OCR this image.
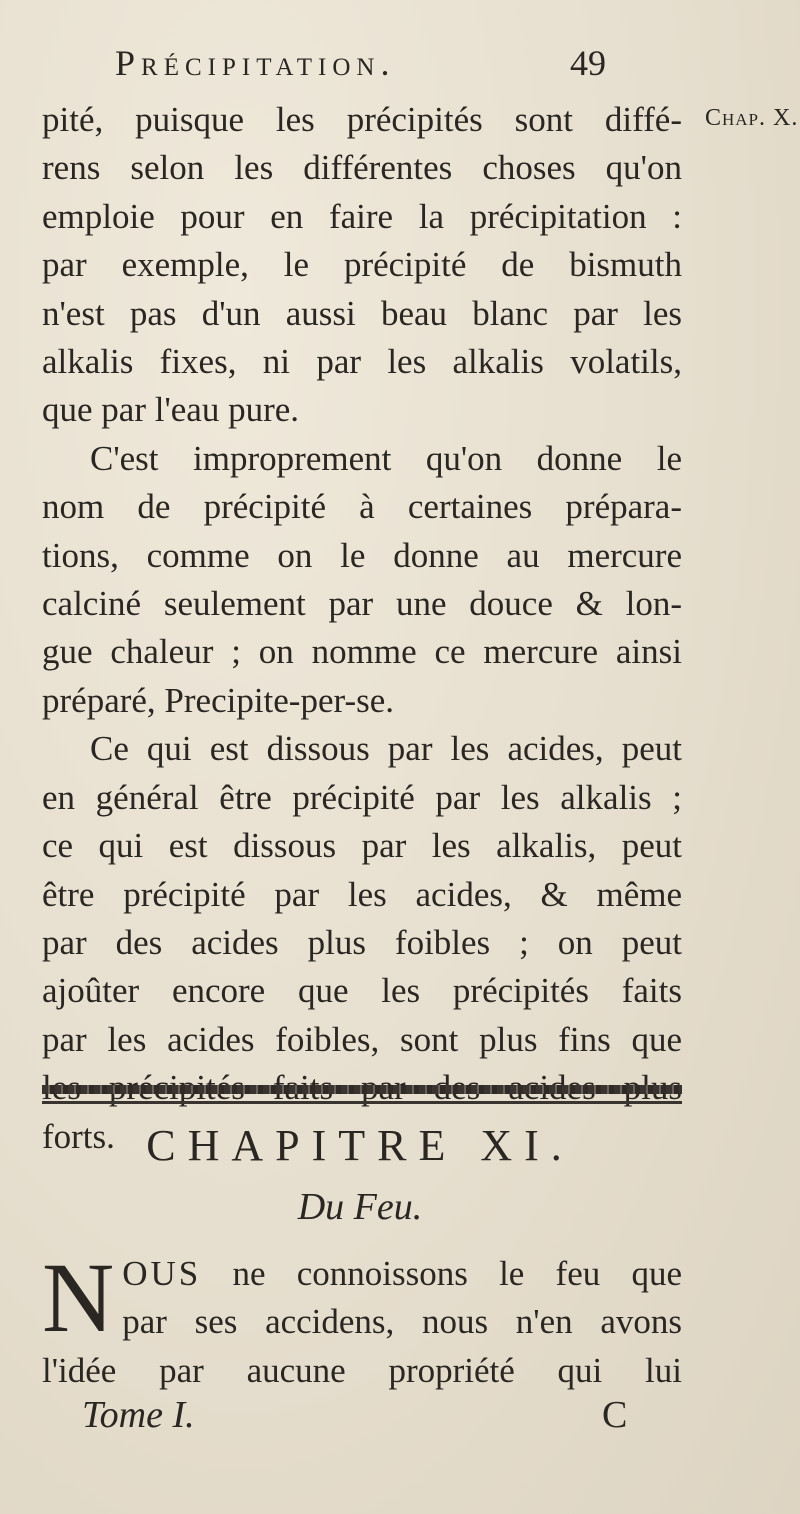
Précipitation.	49
Chap. X.
pité, puisque les précipités sont diffé-
rens selon les différentes choses qu'on
emploie pour en faire la précipitation :
par exemple, le précipité de bismuth
n'est pas d'un aussi beau blanc par les
alkalis fixes, ni par les alkalis volatils,
que par l'eau pure.
C'est improprement qu'on donne le
nom de précipité à certaines prépara-
tions, comme on le donne au mercure
calciné seulement par une douce & lon-
gue chaleur ; on nomme ce mercure ainsi
préparé, Precipite-per-se.
Ce qui est dissous par les acides, peut
en général être précipité par les alkalis ;
ce qui est dissous par les alkalis, peut
être précipité par les acides, & même
par des acides plus foibles ; on peut
ajoûter encore que les précipités faits
par les acides foibles, sont plus fins que
forts. CHAPITRE XI.
Du Feu.
N OUS ne connoissons le feu que
par ses accidens, nous n'en avons
l'idée par aucune propriété qui lui
Tome I.	C
